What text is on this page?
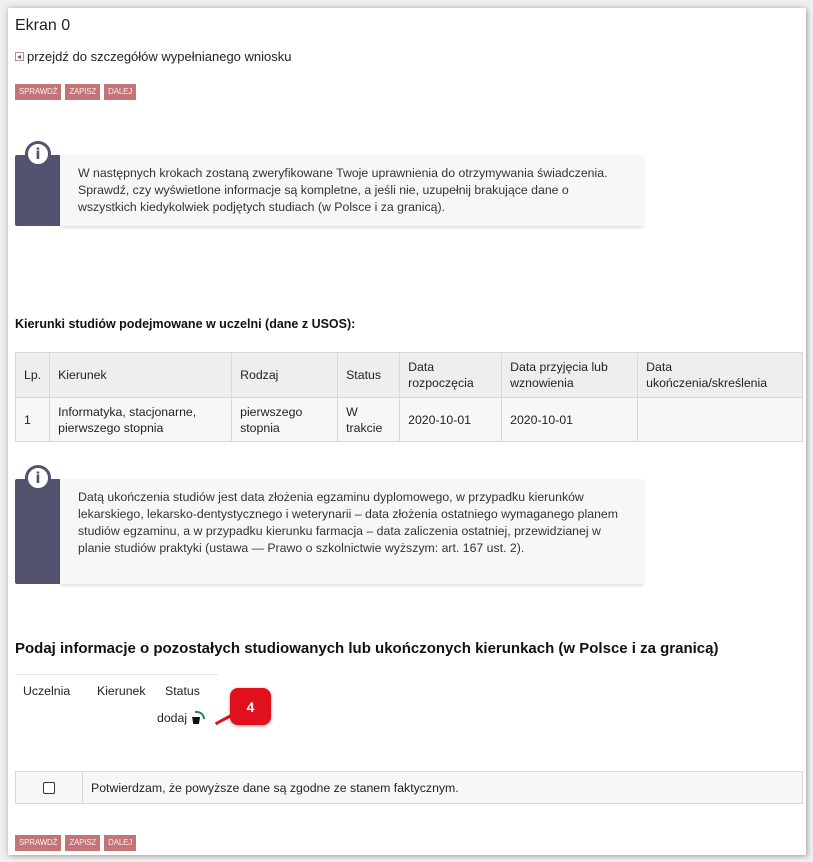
Ekran 0
przejdź do szczegółów wypełnianego wniosku
SPRAWDŹ	ZAPISZ	DALEJ
i
W następnych krokach zostaną zweryfikowane Twoje uprawnienia do otrzymywania świadczenia. Sprawdź, czy wyświetlone informacje są kompletne, a jeśli nie, uzupełnij brakujące dane o wszystkich kiedykolwiek podjętych studiach (w Polsce i za granicą).
Kierunki studiów podejmowane w uczelni (dane z USOS):
Lp.	Kierunek	Rodzaj	Status	Data rozpoczęcia	Data przyjęcia lub wznowienia	Data ukończenia/skreślenia
1	Informatyka, stacjonarne, pierwszego stopnia	pierwszego stopnia	W trakcie	2020-10-01	2020-10-01	
i
Datą ukończenia studiów jest data złożenia egzaminu dyplomowego, w przypadku kierunków lekarskiego, lekarsko-dentystycznego i weterynarii – data złożenia ostatniego wymaganego planem studiów egzaminu, a w przypadku kierunku farmacja – data zaliczenia ostatniej, przewidzianej w planie studiów praktyki (ustawa — Prawo o szkolnictwie wyższym: art. 167 ust. 2).
Podaj informacje o pozostałych studiowanych lub ukończonych kierunkach (w Polsce i za granicą)
Uczelnia	Kierunek	Status
dodaj
4
Potwierdzam, że powyższe dane są zgodne ze stanem faktycznym.
SPRAWDŹ	ZAPISZ	DALEJ
